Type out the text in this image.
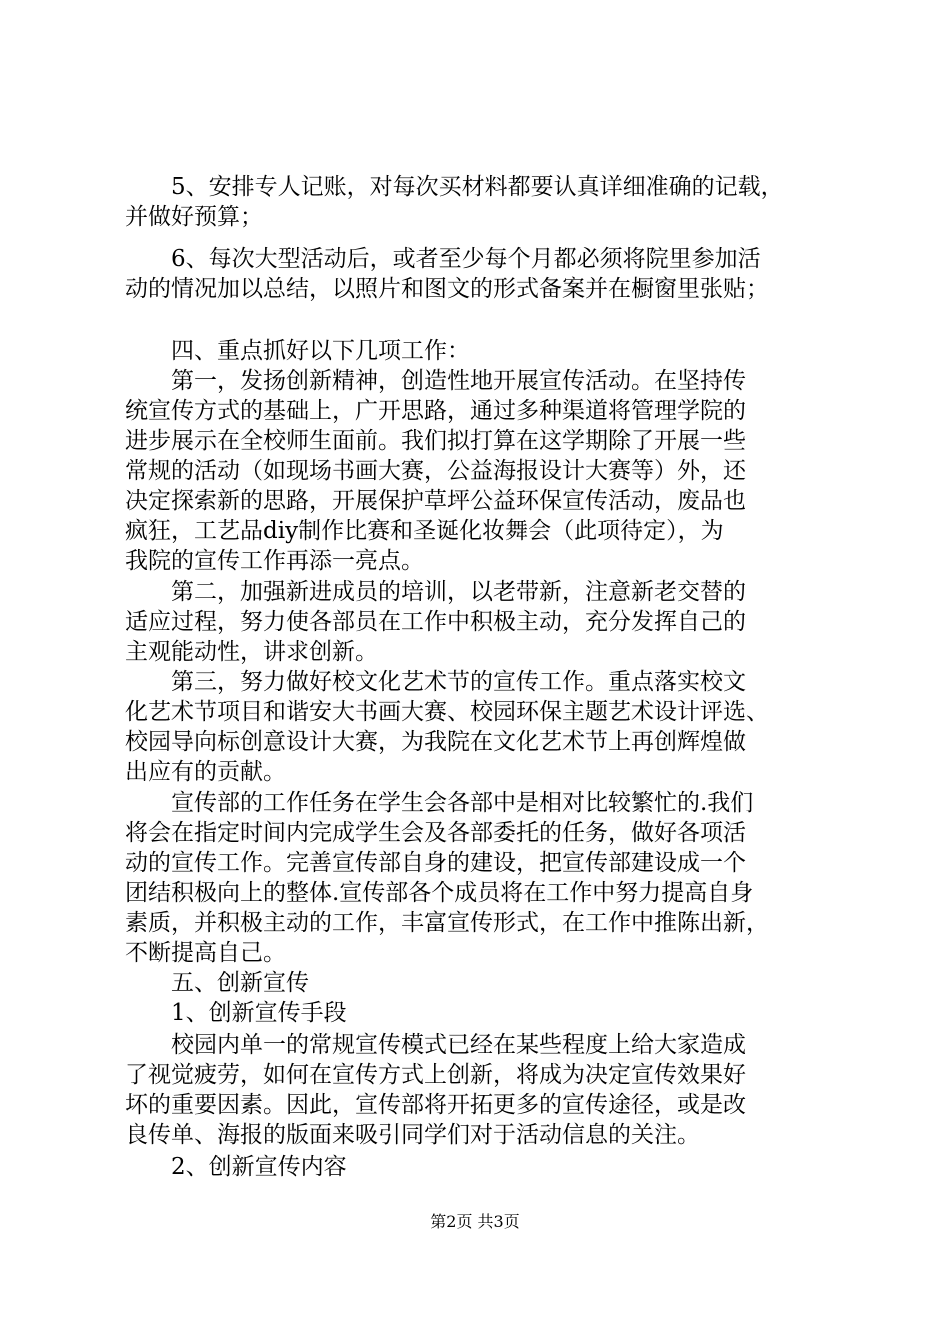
　　5、安排专人记账，对每次买材料都要认真详细准确的记载，
并做好预算；
　　6、每次大型活动后，或者至少每个月都必须将院里参加活
动的情况加以总结，以照片和图文的形式备案并在橱窗里张贴；
　　四、重点抓好以下几项工作：
　　第一，发扬创新精神，创造性地开展宣传活动。在坚持传
统宣传方式的基础上，广开思路，通过多种渠道将管理学院的
进步展示在全校师生面前。我们拟打算在这学期除了开展一些
常规的活动（如现场书画大赛，公益海报设计大赛等）外，还
决定探索新的思路，开展保护草坪公益环保宣传活动，废品也
疯狂，工艺品diy制作比赛和圣诞化妆舞会（此项待定），为
我院的宣传工作再添一亮点。
　　第二，加强新进成员的培训，以老带新，注意新老交替的
适应过程，努力使各部员在工作中积极主动，充分发挥自己的
主观能动性，讲求创新。
　　第三，努力做好校文化艺术节的宣传工作。重点落实校文
化艺术节项目和谐安大书画大赛、校园环保主题艺术设计评选、
校园导向标创意设计大赛，为我院在文化艺术节上再创辉煌做
出应有的贡献。
　　宣传部的工作任务在学生会各部中是相对比较繁忙的.我们
将会在指定时间内完成学生会及各部委托的任务，做好各项活
动的宣传工作。完善宣传部自身的建设，把宣传部建设成一个
团结积极向上的整体.宣传部各个成员将在工作中努力提高自身
素质，并积极主动的工作，丰富宣传形式，在工作中推陈出新，
不断提高自己。
　　五、创新宣传
　　1、创新宣传手段
　　校园内单一的常规宣传模式已经在某些程度上给大家造成
了视觉疲劳，如何在宣传方式上创新，将成为决定宣传效果好
坏的重要因素。因此，宣传部将开拓更多的宣传途径，或是改
良传单、海报的版面来吸引同学们对于活动信息的关注。
　　2、创新宣传内容
第2页 共3页
